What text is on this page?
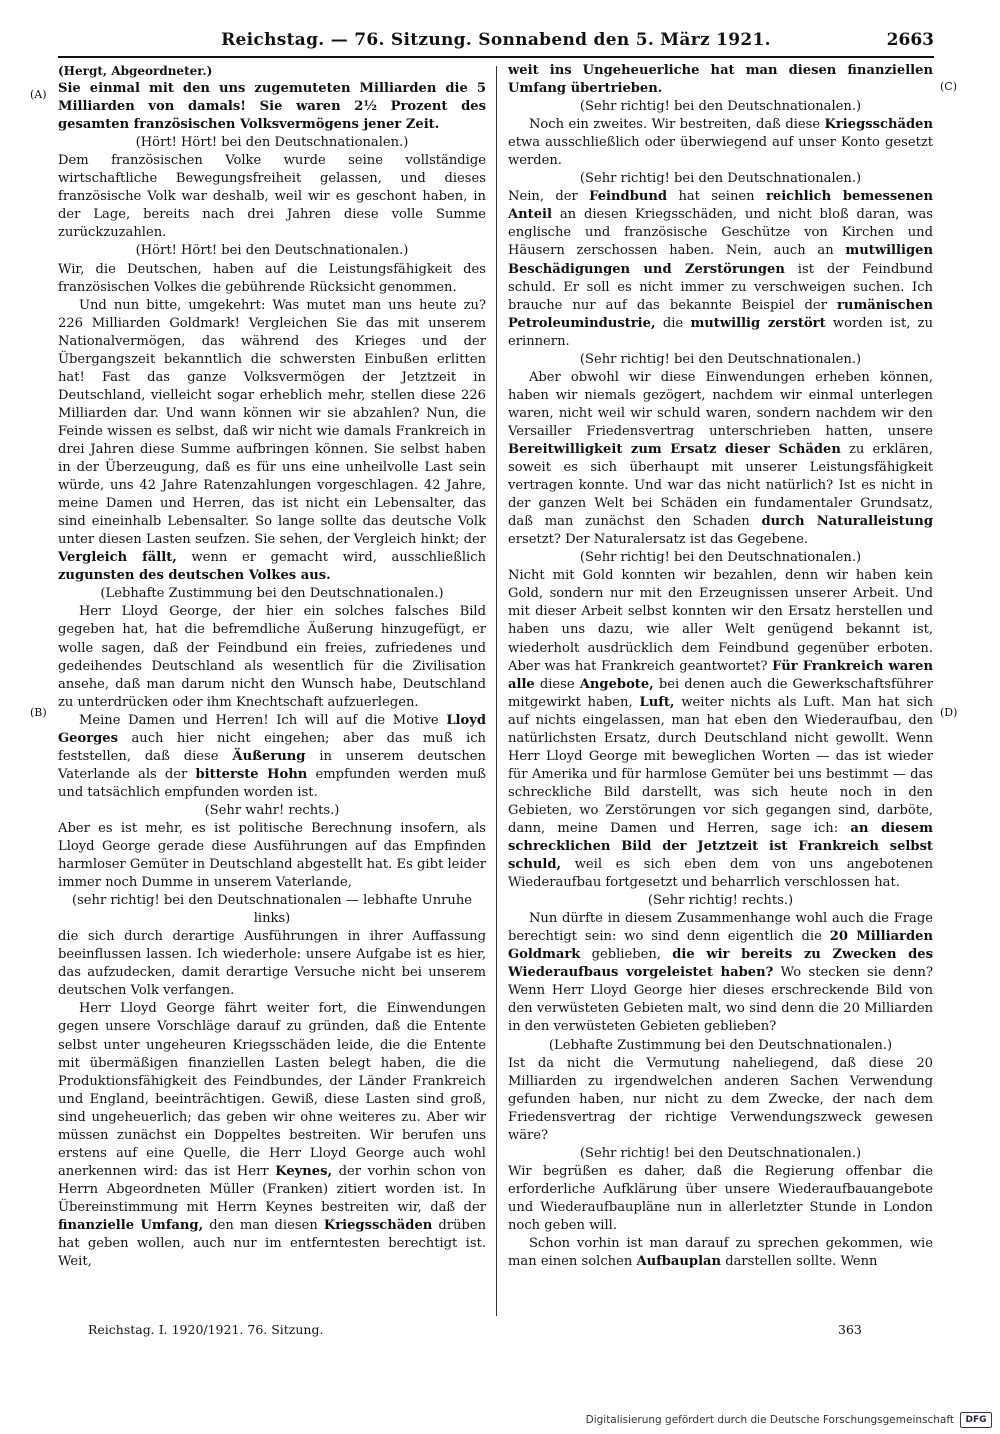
Reichstag. — 76. Sitzung. Sonnabend den 5. März 1921.	2663
(A)
(B)
(C)
(D)

(Hergt, Abgeordneter.)

Sie einmal mit den uns zugemuteten Milliarden die 5 Milliarden von damals! Sie waren 2½ Prozent des gesamten französischen Volksvermögens jener Zeit.

(Hört! Hört! bei den Deutschnationalen.)

Dem französischen Volke wurde seine vollständige wirtschaftliche Bewegungsfreiheit gelassen, und dieses französische Volk war deshalb, weil wir es geschont haben, in der Lage, bereits nach drei Jahren diese volle Summe zurückzuzahlen.

(Hört! Hört! bei den Deutschnationalen.)

Wir, die Deutschen, haben auf die Leistungsfähigkeit des französischen Volkes die gebührende Rücksicht genommen.

Und nun bitte, umgekehrt: Was mutet man uns heute zu? 226 Milliarden Goldmark! Vergleichen Sie das mit unserem Nationalvermögen, das während des Krieges und der Übergangszeit bekanntlich die schwersten Einbußen erlitten hat! Fast das ganze Volksvermögen der Jetztzeit in Deutschland, vielleicht sogar erheblich mehr, stellen diese 226 Milliarden dar. Und wann können wir sie abzahlen? Nun, die Feinde wissen es selbst, daß wir nicht wie damals Frankreich in drei Jahren diese Summe aufbringen können. Sie selbst haben in der Überzeugung, daß es für uns eine unheilvolle Last sein würde, uns 42 Jahre Ratenzahlungen vorgeschlagen. 42 Jahre, meine Damen und Herren, das ist nicht ein Lebensalter, das sind eineinhalb Lebensalter. So lange sollte das deutsche Volk unter diesen Lasten seufzen. Sie sehen, der Vergleich hinkt; der Vergleich fällt, wenn er gemacht wird, ausschließlich zugunsten des deutschen Volkes aus.

(Lebhafte Zustimmung bei den Deutschnationalen.)

Herr Lloyd George, der hier ein solches falsches Bild gegeben hat, hat die befremdliche Äußerung hinzugefügt, er wolle sagen, daß der Feindbund ein freies, zufriedenes und gedeihendes Deutschland als wesentlich für die Zivilisation ansehe, daß man darum nicht den Wunsch habe, Deutschland zu unterdrücken oder ihm Knechtschaft aufzuerlegen.

Meine Damen und Herren! Ich will auf die Motive Lloyd Georges auch hier nicht eingehen; aber das muß ich feststellen, daß diese Äußerung in unserem deutschen Vaterlande als der bitterste Hohn empfunden werden muß und tatsächlich empfunden worden ist.

(Sehr wahr! rechts.)

Aber es ist mehr, es ist politische Berechnung insofern, als Lloyd George gerade diese Ausführungen auf das Empfinden harmloser Gemüter in Deutschland abgestellt hat. Es gibt leider immer noch Dumme in unserem Vaterlande,

(sehr richtig! bei den Deutschnationalen — lebhafte Unruhe links)

die sich durch derartige Ausführungen in ihrer Auffassung beeinflussen lassen. Ich wiederhole: unsere Aufgabe ist es hier, das aufzudecken, damit derartige Versuche nicht bei unserem deutschen Volk verfangen.

Herr Lloyd George fährt weiter fort, die Einwendungen gegen unsere Vorschläge darauf zu gründen, daß die Entente selbst unter ungeheuren Kriegsschäden leide, die die Entente mit übermäßigen finanziellen Lasten belegt haben, die die Produktionsfähigkeit des Feindbundes, der Länder Frankreich und England, beeinträchtigen. Gewiß, diese Lasten sind groß, sind ungeheuerlich; das geben wir ohne weiteres zu. Aber wir müssen zunächst ein Doppeltes bestreiten. Wir berufen uns erstens auf eine Quelle, die Herr Lloyd George auch wohl anerkennen wird: das ist Herr Keynes, der vorhin schon von Herrn Abgeordneten Müller (Franken) zitiert worden ist. In Übereinstimmung mit Herrn Keynes bestreiten wir, daß der finanzielle Umfang, den man diesen Kriegsschäden drüben hat geben wollen, auch nur im entferntesten berechtigt ist. Weit,

weit ins Ungeheuerliche hat man diesen finanziellen Umfang übertrieben.

(Sehr richtig! bei den Deutschnationalen.)

Noch ein zweites. Wir bestreiten, daß diese Kriegsschäden etwa ausschließlich oder überwiegend auf unser Konto gesetzt werden.

(Sehr richtig! bei den Deutschnationalen.)

Nein, der Feindbund hat seinen reichlich bemessenen Anteil an diesen Kriegsschäden, und nicht bloß daran, was englische und französische Geschütze von Kirchen und Häusern zerschossen haben. Nein, auch an mutwilligen Beschädigungen und Zerstörungen ist der Feindbund schuld. Er soll es nicht immer zu verschweigen suchen. Ich brauche nur auf das bekannte Beispiel der rumänischen Petroleumindustrie, die mutwillig zerstört worden ist, zu erinnern.

(Sehr richtig! bei den Deutschnationalen.)

Aber obwohl wir diese Einwendungen erheben können, haben wir niemals gezögert, nachdem wir einmal unterlegen waren, nicht weil wir schuld waren, sondern nachdem wir den Versailler Friedensvertrag unterschrieben hatten, unsere Bereitwilligkeit zum Ersatz dieser Schäden zu erklären, soweit es sich überhaupt mit unserer Leistungsfähigkeit vertragen konnte. Und war das nicht natürlich? Ist es nicht in der ganzen Welt bei Schäden ein fundamentaler Grundsatz, daß man zunächst den Schaden durch Naturalleistung ersetzt? Der Naturalersatz ist das Gegebene.

(Sehr richtig! bei den Deutschnationalen.)

Nicht mit Gold konnten wir bezahlen, denn wir haben kein Gold, sondern nur mit den Erzeugnissen unserer Arbeit. Und mit dieser Arbeit selbst konnten wir den Ersatz herstellen und haben uns dazu, wie aller Welt genügend bekannt ist, wiederholt ausdrücklich dem Feindbund gegenüber erboten. Aber was hat Frankreich geantwortet? Für Frankreich waren alle diese Angebote, bei denen auch die Gewerkschaftsführer mitgewirkt haben, Luft, weiter nichts als Luft. Man hat sich auf nichts eingelassen, man hat eben den Wiederaufbau, den natürlichsten Ersatz, durch Deutschland nicht gewollt. Wenn Herr Lloyd George mit beweglichen Worten — das ist wieder für Amerika und für harmlose Gemüter bei uns bestimmt — das schreckliche Bild darstellt, was sich heute noch in den Gebieten, wo Zerstörungen vor sich gegangen sind, darböte, dann, meine Damen und Herren, sage ich: an diesem schrecklichen Bild der Jetztzeit ist Frankreich selbst schuld, weil es sich eben dem von uns angebotenen Wiederaufbau fortgesetzt und beharrlich verschlossen hat.

(Sehr richtig! rechts.)

Nun dürfte in diesem Zusammenhange wohl auch die Frage berechtigt sein: wo sind denn eigentlich die 20 Milliarden Goldmark geblieben, die wir bereits zu Zwecken des Wiederaufbaus vorgeleistet haben? Wo stecken sie denn? Wenn Herr Lloyd George hier dieses erschreckende Bild von den verwüsteten Gebieten malt, wo sind denn die 20 Milliarden in den verwüsteten Gebieten geblieben?

(Lebhafte Zustimmung bei den Deutschnationalen.)

Ist da nicht die Vermutung naheliegend, daß diese 20 Milliarden zu irgendwelchen anderen Sachen Verwendung gefunden haben, nur nicht zu dem Zwecke, der nach dem Friedensvertrag der richtige Verwendungszweck gewesen wäre?

(Sehr richtig! bei den Deutschnationalen.)

Wir begrüßen es daher, daß die Regierung offenbar die erforderliche Aufklärung über unsere Wiederaufbauangebote und Wiederaufbaupläne nun in allerletzter Stunde in London noch geben will.

Schon vorhin ist man darauf zu sprechen gekommen, wie man einen solchen Aufbauplan darstellen sollte. Wenn

Reichstag. I. 1920/1921. 76. Sitzung.	363
Digitalisierung gefördert durch die Deutsche Forschungsgemeinschaft	DFG
